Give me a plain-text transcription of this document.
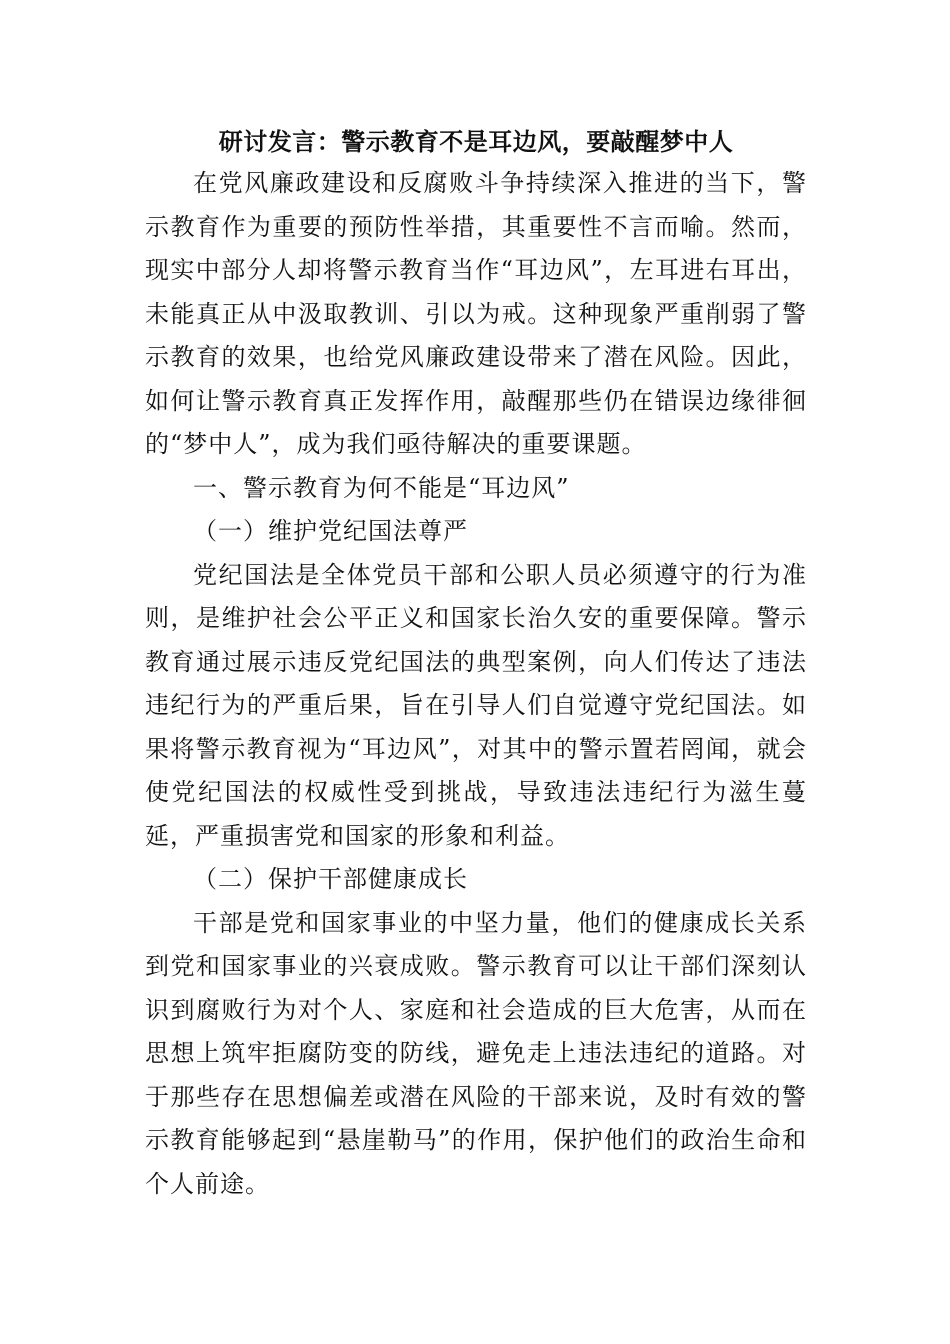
研讨发言：警示教育不是耳边风，要敲醒梦中人

在党风廉政建设和反腐败斗争持续深入推进的当下，警示教育作为重要的预防性举措，其重要性不言而喻。然而，现实中部分人却将警示教育当作“耳边风”，左耳进右耳出，未能真正从中汲取教训、引以为戒。这种现象严重削弱了警示教育的效果，也给党风廉政建设带来了潜在风险。因此，如何让警示教育真正发挥作用，敲醒那些仍在错误边缘徘徊的“梦中人”，成为我们亟待解决的重要课题。

一、警示教育为何不能是“耳边风”

（一）维护党纪国法尊严

党纪国法是全体党员干部和公职人员必须遵守的行为准则，是维护社会公平正义和国家长治久安的重要保障。警示教育通过展示违反党纪国法的典型案例，向人们传达了违法违纪行为的严重后果，旨在引导人们自觉遵守党纪国法。如果将警示教育视为“耳边风”，对其中的警示置若罔闻，就会使党纪国法的权威性受到挑战，导致违法违纪行为滋生蔓延，严重损害党和国家的形象和利益。

（二）保护干部健康成长

干部是党和国家事业的中坚力量，他们的健康成长关系到党和国家事业的兴衰成败。警示教育可以让干部们深刻认识到腐败行为对个人、家庭和社会造成的巨大危害，从而在思想上筑牢拒腐防变的防线，避免走上违法违纪的道路。对于那些存在思想偏差或潜在风险的干部来说，及时有效的警示教育能够起到“悬崖勒马”的作用，保护他们的政治生命和个人前途。
